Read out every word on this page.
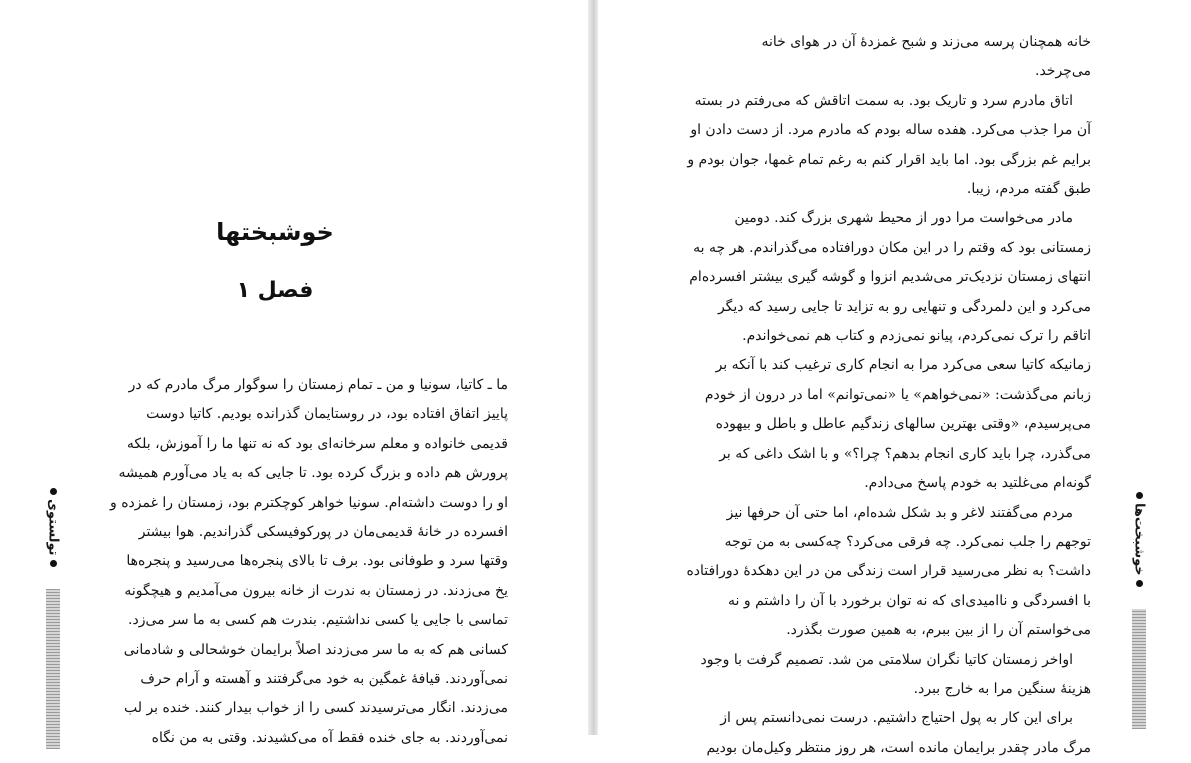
خوشبختها
فصل ۱

ما ـ کاتیا، سونیا و من ـ تمام زمستان را سوگوار مرگ مادرم که در

پاییز اتفاق افتاده بود، در روستایمان گذرانده بودیم. کاتیا دوست

قدیمی خانواده و معلم سرخانه‌ای بود که نه تنها ما را آموزش، بلکه

پرورش هم داده و بزرگ کرده بود. تا جایی که به یاد می‌آورم همیشه

او را دوست داشته‌ام. سونیا خواهر کوچکترم بود، زمستان را غمزده و

افسرده در خانهٔ قدیمی‌مان در پورکوفیسکی گذراندیم. هوا بیشتر

وقتها سرد و طوفانی بود. برف تا بالای پنجره‌ها می‌رسید و پنجره‌ها

یخ می‌زدند. در زمستان به ندرت از خانه بیرون می‌آمدیم و هیچگونه

تماسی با جایی یا کسی نداشتیم. بندرت هم کسی به ما سر می‌زد.

کسانی هم که به ما سر می‌زدند اصلاً برایمان خوشحالی و شادمانی

نمی‌آوردند. قیافهٔ غمگین به خود می‌گرفتند و آهسته و آرام حرف

می‌زدند. انگار می‌ترسیدند کسی را از خواب بیدار کنند. خنده بر لب

نمی‌آوردند. به جای خنده فقط آه می‌کشیدند. وقتی به من نگاه

تولستوی

خانه همچنان پرسه می‌زند و شبح غمزدهٔ آن در هوای خانه

می‌چرخد.

اتاق مادرم سرد و تاریک بود. به سمت اتاقش که می‌رفتم در بسته

آن مرا جذب می‌کرد. هفده ساله بودم که مادرم مرد. از دست دادن او

برایم غم بزرگی بود. اما باید اقرار کنم به رغم تمام غمها، جوان بودم و

طبق گفته مردم، زیبا.

مادر می‌خواست مرا دور از محیط شهری بزرگ کند. دومین

زمستانی بود که وقتم را در این مکان دورافتاده می‌گذراندم. هر چه به

انتهای زمستان نزدیک‌تر می‌شدیم انزوا و گوشه گیری بیشتر افسرده‌ام

می‌کرد و این دلمردگی و تنهایی رو به تزاید تا جایی رسید که دیگر

اتاقم را ترک نمی‌کردم، پیانو نمی‌زدم و کتاب هم نمی‌خواندم.

زمانیکه کاتیا سعی می‌کرد مرا به انجام کاری ترغیب کند با آنکه بر

زبانم می‌گذشت: «نمی‌خواهم» یا «نمی‌توانم» اما در درون از خودم

می‌پرسیدم، «وقتی بهترین سالهای زندگیم عاطل و باطل و بیهوده

می‌گذرد، چرا باید کاری انجام بدهم؟ چرا؟» و با اشک داغی که بر

گونه‌ام می‌غلتید به خودم پاسخ می‌دادم.

مردم می‌گفتند لاغر و بد شکل شده‌ام، اما حتی آن حرفها نیز

توجهم را جلب نمی‌کرد. چه فرقی می‌کرد؟ چه‌کسی به من توجه

داشت؟ به نظر می‌رسید قرار است زندگی من در این دهکدهٔ دورافتاده

با افسردگی و ناامیدی‌ای که نه توان برخورد با آن را داشتم و نه

می‌خواستم آن را از بین ببرم، به همین صورت بگذرد.

اواخر زمستان کاتیا نگران سلامتی من شد. تصمیم گرفت با وجود

هزینهٔ سنگین مرا به خارج ببرد.

برای این کار به پول احتیاج داشتیم. درست نمی‌دانستم پس از

مرگ مادر چقدر برایمان مانده است، هر روز منتظر وکیل‌مان بودیم

خوشبخت‌ها
